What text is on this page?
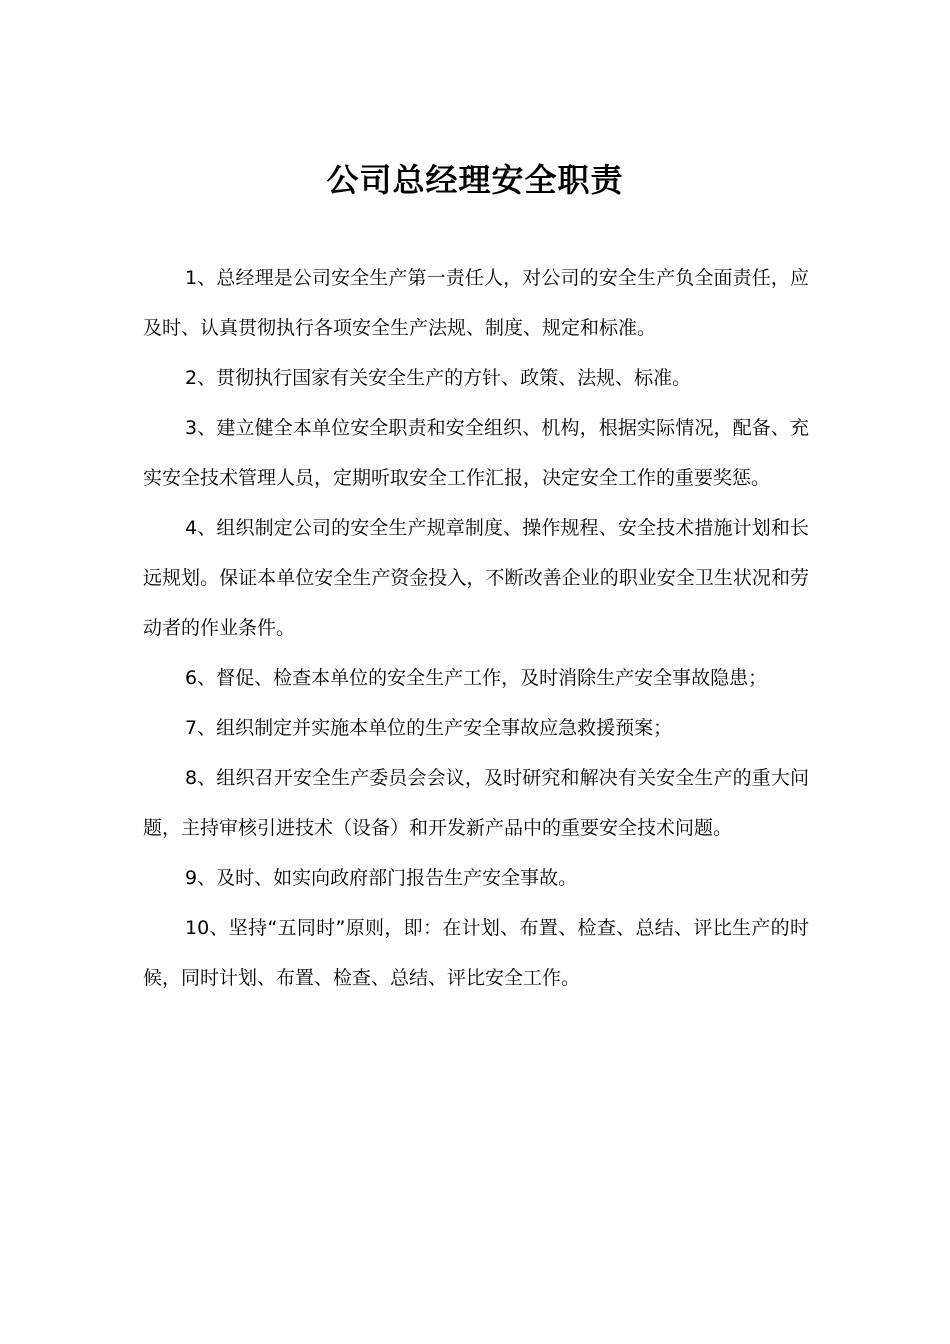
公司总经理安全职责

1、总经理是公司安全生产第一责任人，对公司的安全生产负全面责任，应及时、认真贯彻执行各项安全生产法规、制度、规定和标准。

2、贯彻执行国家有关安全生产的方针、政策、法规、标准。

3、建立健全本单位安全职责和安全组织、机构，根据实际情况，配备、充实安全技术管理人员，定期听取安全工作汇报，决定安全工作的重要奖惩。

4、组织制定公司的安全生产规章制度、操作规程、安全技术措施计划和长远规划。保证本单位安全生产资金投入，不断改善企业的职业安全卫生状况和劳动者的作业条件。

6、督促、检查本单位的安全生产工作，及时消除生产安全事故隐患；

7、组织制定并实施本单位的生产安全事故应急救援预案；

8、组织召开安全生产委员会会议，及时研究和解决有关安全生产的重大问题，主持审核引进技术（设备）和开发新产品中的重要安全技术问题。

9、及时、如实向政府部门报告生产安全事故。

10、坚持“五同时”原则，即：在计划、布置、检查、总结、评比生产的时候，同时计划、布置、检查、总结、评比安全工作。
